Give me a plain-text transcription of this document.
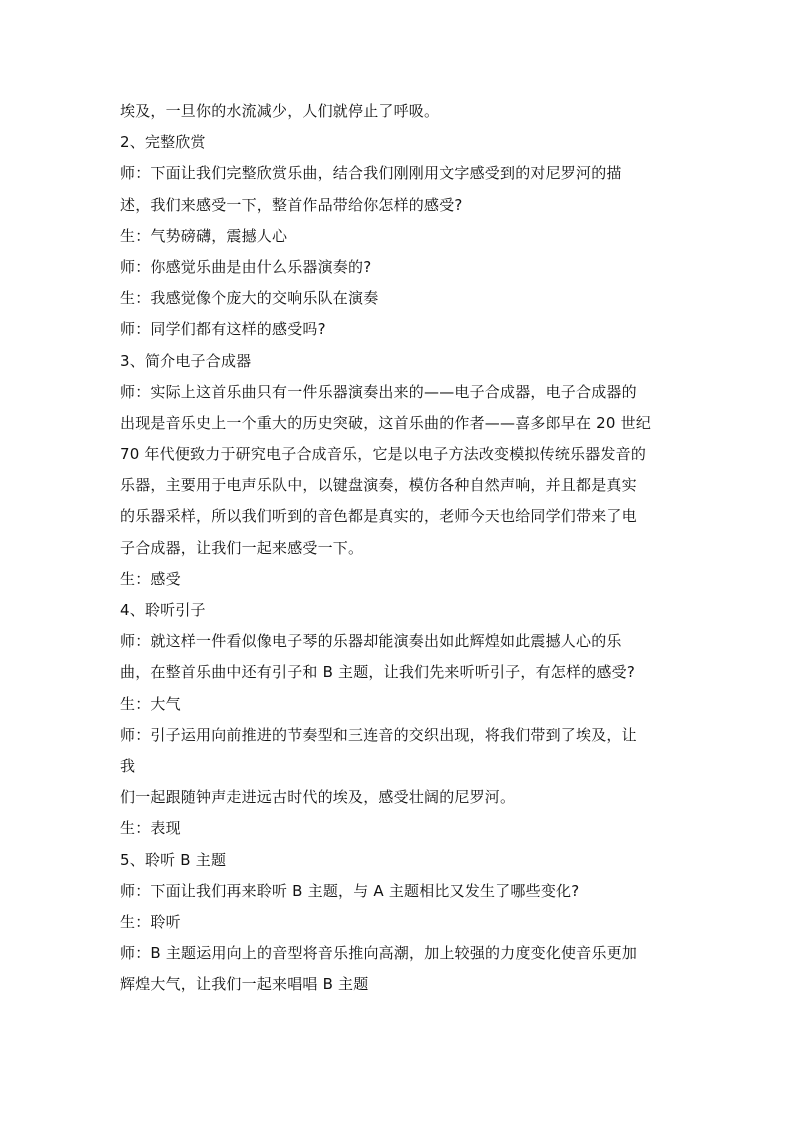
埃及，一旦你的水流减少，人们就停止了呼吸。
2、完整欣赏
师：下面让我们完整欣赏乐曲，结合我们刚刚用文字感受到的对尼罗河的描
述，我们来感受一下，整首作品带给你怎样的感受?
生：气势磅礴，震撼人心
师：你感觉乐曲是由什么乐器演奏的?
生：我感觉像个庞大的交响乐队在演奏
师：同学们都有这样的感受吗?
3、简介电子合成器
师：实际上这首乐曲只有一件乐器演奏出来的——电子合成器，电子合成器的
出现是音乐史上一个重大的历史突破，这首乐曲的作者——喜多郎早在 20 世纪
70 年代便致力于研究电子合成音乐，它是以电子方法改变模拟传统乐器发音的
乐器，主要用于电声乐队中，以键盘演奏，模仿各种自然声响，并且都是真实
的乐器采样，所以我们听到的音色都是真实的，老师今天也给同学们带来了电
子合成器，让我们一起来感受一下。
生：感受
4、聆听引子
师：就这样一件看似像电子琴的乐器却能演奏出如此辉煌如此震撼人心的乐
曲，在整首乐曲中还有引子和 B 主题，让我们先来听听引子，有怎样的感受?
生：大气
师：引子运用向前推进的节奏型和三连音的交织出现，将我们带到了埃及，让
我
们一起跟随钟声走进远古时代的埃及，感受壮阔的尼罗河。
生：表现
5、聆听 B 主题
师：下面让我们再来聆听 B 主题，与 A 主题相比又发生了哪些变化?
生：聆听
师：B 主题运用向上的音型将音乐推向高潮，加上较强的力度变化使音乐更加
辉煌大气，让我们一起来唱唱 B 主题
